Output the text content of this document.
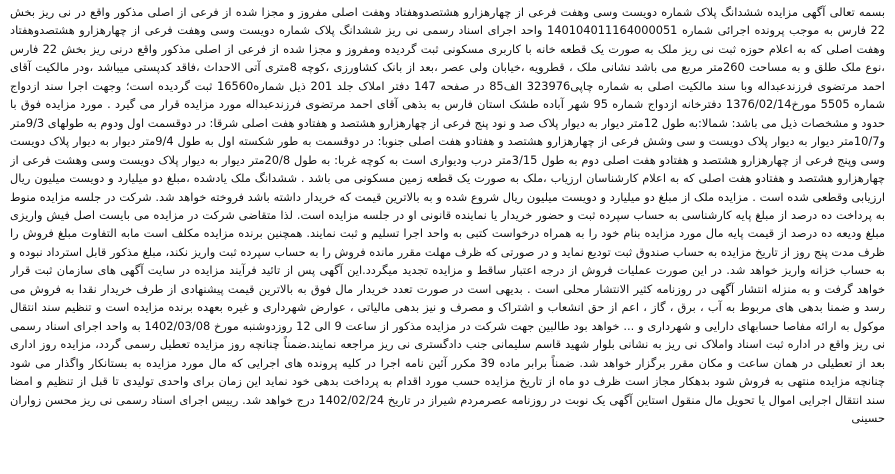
بسمه تعالی آگهی مزایده ششدانگ پلاک شماره دویست وسی وهفت فرعی از چهارهزارو هشتصدوهفتاد وهفت اصلی مفروز و مجزا شده از فرعی از اصلی مذکور واقع در نی ریز بخش 22 فارس به موجب پرونده اجرائی شماره 140104011164000051 واحد اجرای اسناد رسمی نی ریز ششدانگ پلاک شماره دویست وسی وهفت فرعی از چهارهزارو هشتصدوهفتاد وهفت اصلی که به اعلام حوزه ثبت نی ریز ملک به صورت یک قطعه خانه با کاربری مسکونی ثبت گردیده ومفروز و مجزا شده از فرعی از اصلی مذکور واقع درنی ریز بخش 22 فارس ،نوع ملک طلق و به مساحت 260متر مربع می باشد نشانی ملک ، قطرویه ،خیابان ولی عصر ،بعد از بانک کشاورزی ،کوچه 8متری آتی الاحداث ،فاقد کدپستی میباشد ،ودر مالکیت آقای احمد مرتضوی فرزندعبداله وبا سند مالکیت اصلی به شماره چاپی323976 الف85 در صفحه 147 دفتر املاک جلد 201 ذیل شماره16560 ثبت گردیده است؛ وجهت اجرا سند ازدواج شماره 5505 مورخ1376/02/14 دفترخانه ازدواج شماره 95 شهر آباده طشک استان فارس به بذهی آقای احمد مرتضوی فرزندعبداله مورد مزایده قرار می گیرد . مورد مزایده فوق با حدود و مشخصات ذیل می باشد: شمالا:به طول 12متر دیوار به دیوار پلاک صد و نود پنج فرعی از چهارهزارو هشتصد و هفتادو هفت اصلی شرقا: در دوقسمت اول ودوم به طولهای 9/3متر و10/7متر دیوار به دیوار پلاک دویست و سی وشش فرعی از چهارهزارو هشتصد و هفتادو هفت اصلی جنوبا: در دوقسمت به طور شکسته اول به طول 9/4متر دیوار به دیوار پلاک دویست وسی وپنج فرعی از چهارهزارو هشتصد و هفتادو هفت اصلی دوم به طول 3/15متر درب ودیواری است به کوچه غربا: به طول 20/8متر دیوار به دیوار پلاک دویست وسی وهشت فرعی از چهارهزارو هشتصد و هفتادو هفت اصلی که به اعلام کارشناسان ارزیاب ،ملک به صورت یک قطعه زمین مسکونی می باشد . ششدانگ ملک یادشده ،مبلغ دو میلیارد و دویست میلیون ریال ارزیابی وقطعی شده است . مزایده ملک از مبلغ دو میلیارد و دویست میلیون ریال شروع شده و به بالاترین قیمت که خریدار داشته باشد فروخته خواهد شد. شرکت در جلسه مزایده منوط به پرداخت ده درصد از مبلغ پایه کارشناسی به حساب سپرده ثبت و حضور خریدار یا نماینده قانونی او در جلسه مزایده است. لذا متقاضی شرکت در مزایده می بایست اصل فیش واریزی مبلغ ودیعه ده درصد از قیمت پایه مال مورد مزایده بنام خود را به همراه درخواست کتبی به واحد اجرا تسلیم و ثبت نمایند. همچنین برنده مزایده مکلف است مابه التفاوت مبلغ فروش را ظرف مدت پنج روز از تاریخ مزایده به حساب صندوق ثبت تودیع نماید و در صورتی که ظرف مهلت مقرر مانده فروش را به حساب سپرده ثبت واریز نکند، مبلغ مذکور قابل استرداد نبوده و به حساب خزانه واریز خواهد شد. در این صورت عملیات فروش از درجه اعتبار ساقط و مزایده تجدید میگردد.این آگهی پس از تائید فرآیند مزایده در سایت آگهی های سازمان ثبت قرار خواهد گرفت و به منزله انتشار آگهی در روزنامه کثیر الانتشار محلی است . بدیهی است در صورت تعدد خریدار مال فوق به بالاترین قیمت پیشنهادی از طرف خریدار نقدا به فروش می رسد و ضمنا بدهی های مربوط به آب ، برق ، گاز ، اعم از حق انشعاب و اشتراک و مصرف و نیز بدهی مالیاتی ، عوارض شهرداری و غیره بعهده برنده مزایده است و تنظیم سند انتقال موکول به ارائه مفاصا حسابهای دارایی و شهرداری و ... خواهد بود طالبین جهت شرکت در مزایده مذکور از ساعت 9 الی 12 روزدوشنبه مورخ 1402/03/08 به واحد اجرای اسناد رسمی نی ریز واقع در اداره ثبت اسناد واملاک نی ریز به نشانی بلوار شهید قاسم سلیمانی جنب دادگستری نی ریز مراجعه نمایند.ضمناً چنانچه روز مزایده تعطیل رسمی گردد، مزایده روز اداری بعد از تعطیلی در همان ساعت و مکان مقرر برگزار خواهد شد. ضمناً برابر ماده 39 مکرر آئین نامه اجرا در کلیه پرونده های اجرایی که مال مورد مزایده به بستانکار واگذار می شود چنانچه مزایده منتهی به فروش شود بدهکار مجاز است ظرف دو ماه از تاریخ مزایده حسب مورد اقدام به پرداخت بدهی خود نماید این زمان برای واحدی تولیدی تا قبل از تنظیم و امضا سند انتقال اجرایی اموال یا تحویل مال منقول استاین آگهی یک نوبت در روزنامه عصرمردم شیراز در تاریخ 1402/02/24 درج خواهد شد. رییس اجرای اسناد رسمی نی ریز محسن زواران حسینی
